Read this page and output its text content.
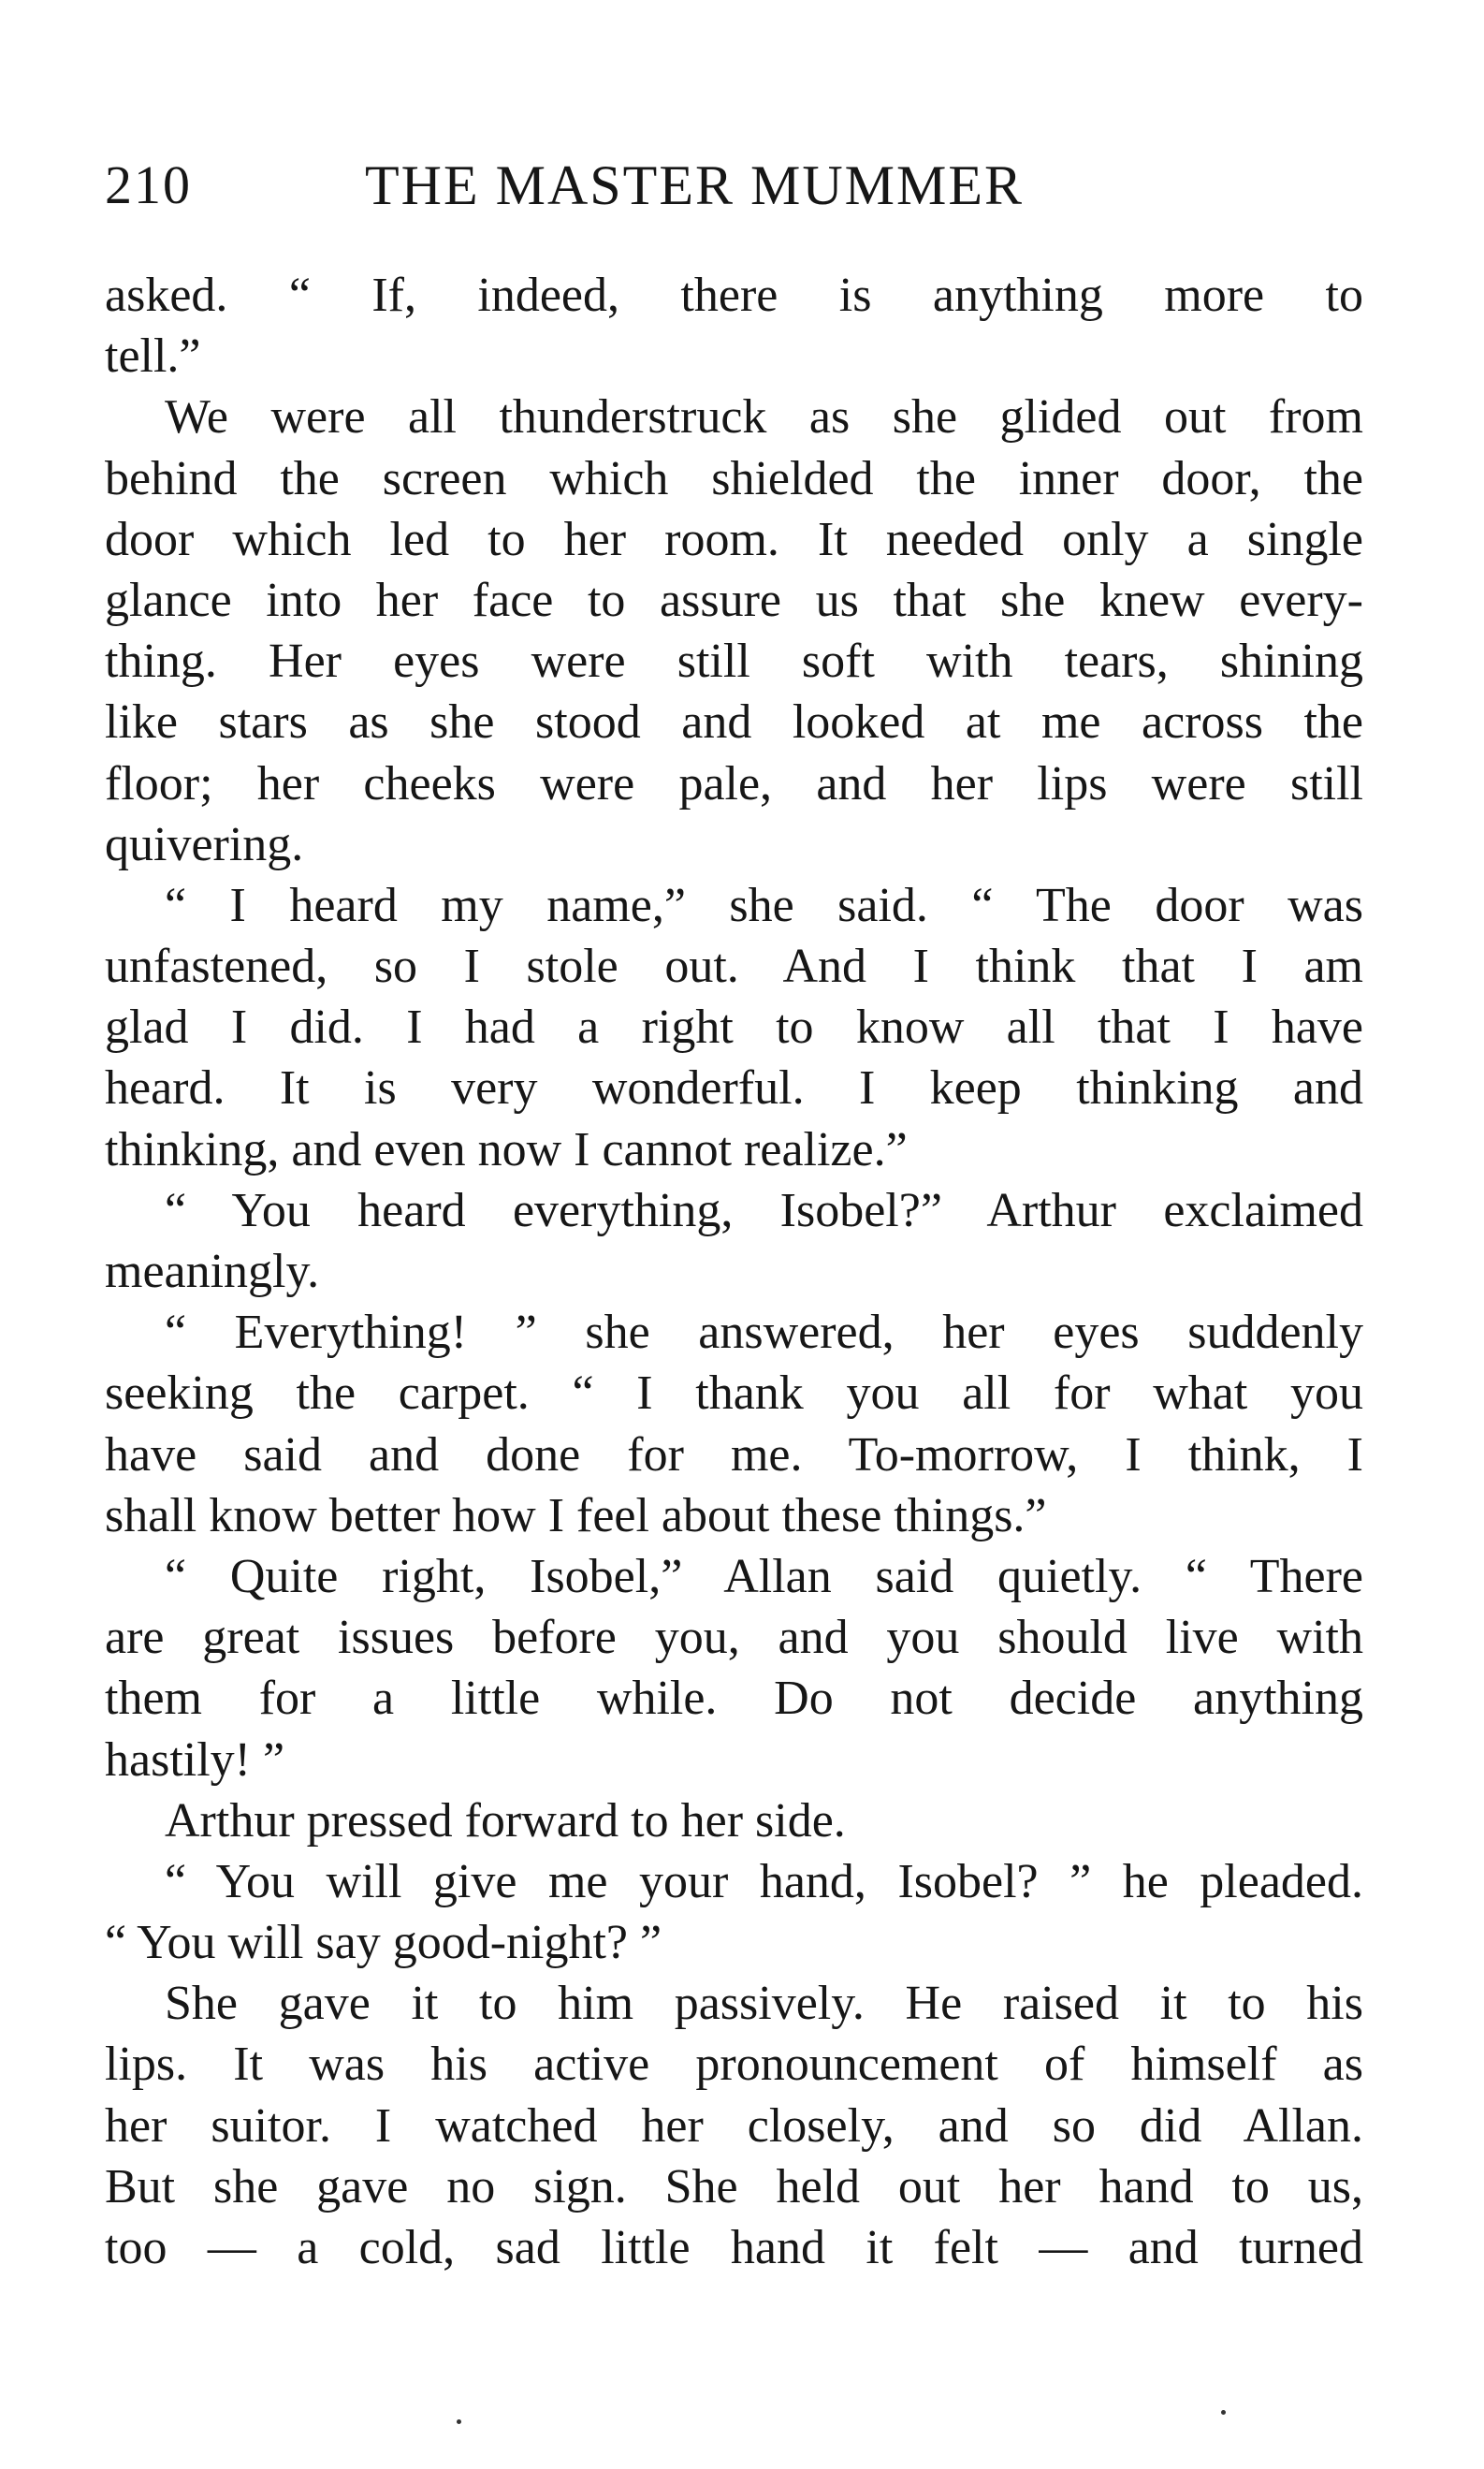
210	THE MASTER MUMMER
asked. “ If, indeed, there is anything more to
tell.”
We were all thunderstruck as she glided out from
behind the screen which shielded the inner door, the
door which led to her room. It needed only a single
glance into her face to assure us that she knew every-
thing. Her eyes were still soft with tears, shining
like stars as she stood and looked at me across the
floor; her cheeks were pale, and her lips were still
quivering.
“ I heard my name,” she said. “ The door was
unfastened, so I stole out. And I think that I am
glad I did. I had a right to know all that I have
heard. It is very wonderful. I keep thinking and
thinking, and even now I cannot realize.”
“ You heard everything, Isobel?” Arthur exclaimed
meaningly.
“ Everything! ” she answered, her eyes suddenly
seeking the carpet. “ I thank you all for what you
have said and done for me. To-morrow, I think, I
shall know better how I feel about these things.”
“ Quite right, Isobel,” Allan said quietly. “ There
are great issues before you, and you should live with
them for a little while. Do not decide anything
hastily! ”
Arthur pressed forward to her side.
“ You will give me your hand, Isobel? ” he pleaded.
“ You will say good-night? ”
She gave it to him passively. He raised it to his
lips. It was his active pronouncement of himself as
her suitor. I watched her closely, and so did Allan.
But she gave no sign. She held out her hand to us,
too — a cold, sad little hand it felt — and turned
